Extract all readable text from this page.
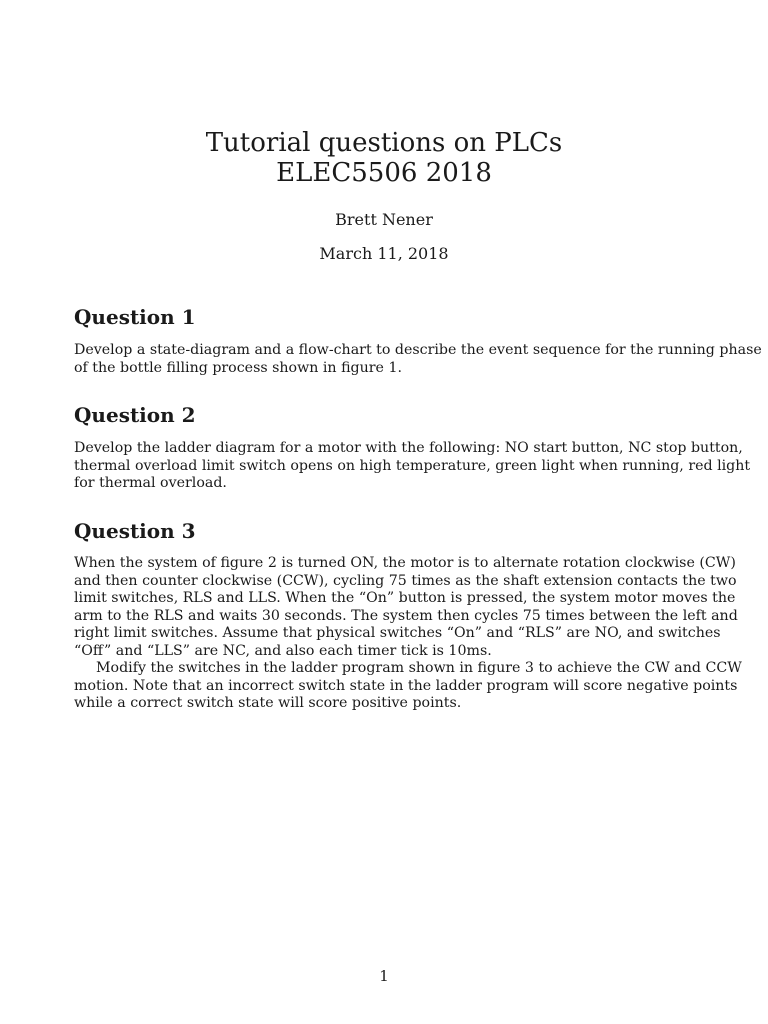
Tutorial questions on PLCs

ELEC5506 2018

Brett Nener
March 11, 2018
Question 1
Develop a state-diagram and a flow-chart to describe the event sequence for the running phase
of the bottle filling process shown in figure 1.
Question 2
Develop the ladder diagram for a motor with the following: NO start button, NC stop button,
thermal overload limit switch opens on high temperature, green light when running, red light
for thermal overload.
Question 3
When the system of figure 2 is turned ON, the motor is to alternate rotation clockwise (CW)
and then counter clockwise (CCW), cycling 75 times as the shaft extension contacts the two
limit switches, RLS and LLS. When the “On” button is pressed, the system motor moves the
arm to the RLS and waits 30 seconds. The system then cycles 75 times between the left and
right limit switches. Assume that physical switches “On” and “RLS” are NO, and switches
“Off” and “LLS” are NC, and also each timer tick is 10ms.
Modify the switches in the ladder program shown in figure 3 to achieve the CW and CCW
motion. Note that an incorrect switch state in the ladder program will score negative points
while a correct switch state will score positive points.
1
